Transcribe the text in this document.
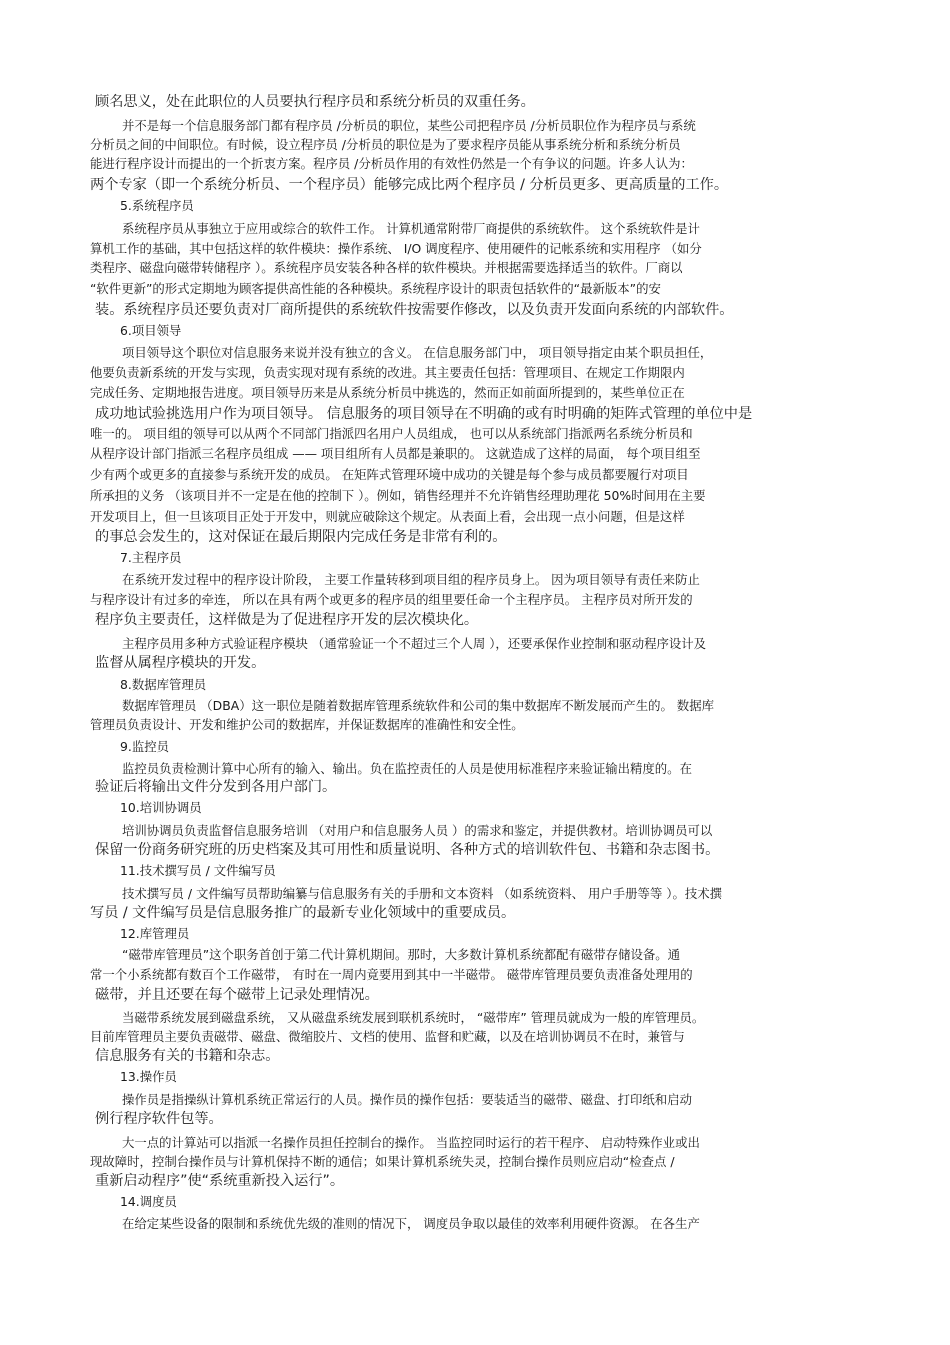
顾名思义，处在此职位的人员要执行程序员和系统分析员的双重任务。
并不是每一个信息服务部门都有程序员 /分析员的职位，某些公司把程序员 /分析员职位作为程序员与系统
分析员之间的中间职位。有时候，设立程序员 /分析员的职位是为了要求程序员能从事系统分析和系统分析员
能进行程序设计而提出的一个折衷方案。程序员 /分析员作用的有效性仍然是一个有争议的问题。许多人认为：
两个专家（即一个系统分析员、一个程序员）能够完成比两个程序员 / 分析员更多、更高质量的工作。
5.系统程序员
系统程序员从事独立于应用或综合的软件工作。 计算机通常附带厂商提供的系统软件。 这个系统软件是计
算机工作的基础，其中包括这样的软件模块：操作系统、 I/O 调度程序、使用硬件的记帐系统和实用程序 （如分
类程序、磁盘向磁带转储程序 ）。系统程序员安装各种各样的软件模块。并根据需要选择适当的软件。厂商以
“软件更新”的形式定期地为顾客提供高性能的各种模块。系统程序设计的职责包括软件的“最新版本”的安
装。系统程序员还要负责对厂商所提供的系统软件按需要作修改，以及负责开发面向系统的内部软件。
6.项目领导
项目领导这个职位对信息服务来说并没有独立的含义。 在信息服务部门中， 项目领导指定由某个职员担任，
他要负责新系统的开发与实现，负责实现对现有系统的改进。其主要责任包括：管理项目、在规定工作期限内
完成任务、定期地报告进度。项目领导历来是从系统分析员中挑选的，然而正如前面所提到的，某些单位正在
成功地试验挑选用户作为项目领导。 信息服务的项目领导在不明确的或有时明确的矩阵式管理的单位中是
唯一的。 项目组的领导可以从两个不同部门指派四名用户人员组成， 也可以从系统部门指派两名系统分析员和
从程序设计部门指派三名程序员组成 —— 项目组所有人员都是兼职的。 这就造成了这样的局面， 每个项目组至
少有两个或更多的直接参与系统开发的成员。 在矩阵式管理环境中成功的关键是每个参与成员都要履行对项目
所承担的义务 （该项目并不一定是在他的控制下 ）。例如，销售经理并不允许销售经理助理花 50%时间用在主要
开发项目上，但一旦该项目正处于开发中，则就应破除这个规定。从表面上看，会出现一点小问题，但是这样
的事总会发生的，这对保证在最后期限内完成任务是非常有利的。
7.主程序员
在系统开发过程中的程序设计阶段， 主要工作量转移到项目组的程序员身上。 因为项目领导有责任来防止
与程序设计有过多的牵连， 所以在具有两个或更多的程序员的组里要任命一个主程序员。 主程序员对所开发的
程序负主要责任，这样做是为了促进程序开发的层次模块化。
主程序员用多种方式验证程序模块 （通常验证一个不超过三个人周 ），还要承保作业控制和驱动程序设计及
监督从属程序模块的开发。
8.数据库管理员
数据库管理员 （DBA）这一职位是随着数据库管理系统软件和公司的集中数据库不断发展而产生的。 数据库
管理员负责设计、开发和维护公司的数据库，并保证数据库的准确性和安全性。
9.监控员
监控员负责检测计算中心所有的输入、输出。负在监控责任的人员是使用标准程序来验证输出精度的。在
验证后将输出文件分发到各用户部门。
10.培训协调员
培训协调员负责监督信息服务培训 （对用户和信息服务人员 ）的需求和鉴定，并提供教材。培训协调员可以
保留一份商务研究班的历史档案及其可用性和质量说明、各种方式的培训软件包、书籍和杂志图书。
11.技术撰写员 / 文件编写员
技术撰写员 / 文件编写员帮助编纂与信息服务有关的手册和文本资料 （如系统资料、 用户手册等等 ）。技术撰
写员 / 文件编写员是信息服务推广的最新专业化领域中的重要成员。
12.库管理员
“磁带库管理员”这个职务首创于第二代计算机期间。那时，大多数计算机系统都配有磁带存储设备。通
常一个小系统都有数百个工作磁带， 有时在一周内竟要用到其中一半磁带。 磁带库管理员要负责准备处理用的
磁带，并且还要在每个磁带上记录处理情况。
当磁带系统发展到磁盘系统， 又从磁盘系统发展到联机系统时， “磁带库” 管理员就成为一般的库管理员。
目前库管理员主要负责磁带、磁盘、微缩胶片、文档的使用、监督和贮藏，以及在培训协调员不在时，兼管与
信息服务有关的书籍和杂志。
13.操作员
操作员是指操纵计算机系统正常运行的人员。操作员的操作包括：要装适当的磁带、磁盘、打印纸和启动
例行程序软件包等。
大一点的计算站可以指派一名操作员担任控制台的操作。 当监控同时运行的若干程序、 启动特殊作业或出
现故障时，控制台操作员与计算机保持不断的通信；如果计算机系统失灵，控制台操作员则应启动“检查点 /
重新启动程序”使“系统重新投入运行”。
14.调度员
在给定某些设备的限制和系统优先级的准则的情况下， 调度员争取以最佳的效率利用硬件资源。 在各生产
